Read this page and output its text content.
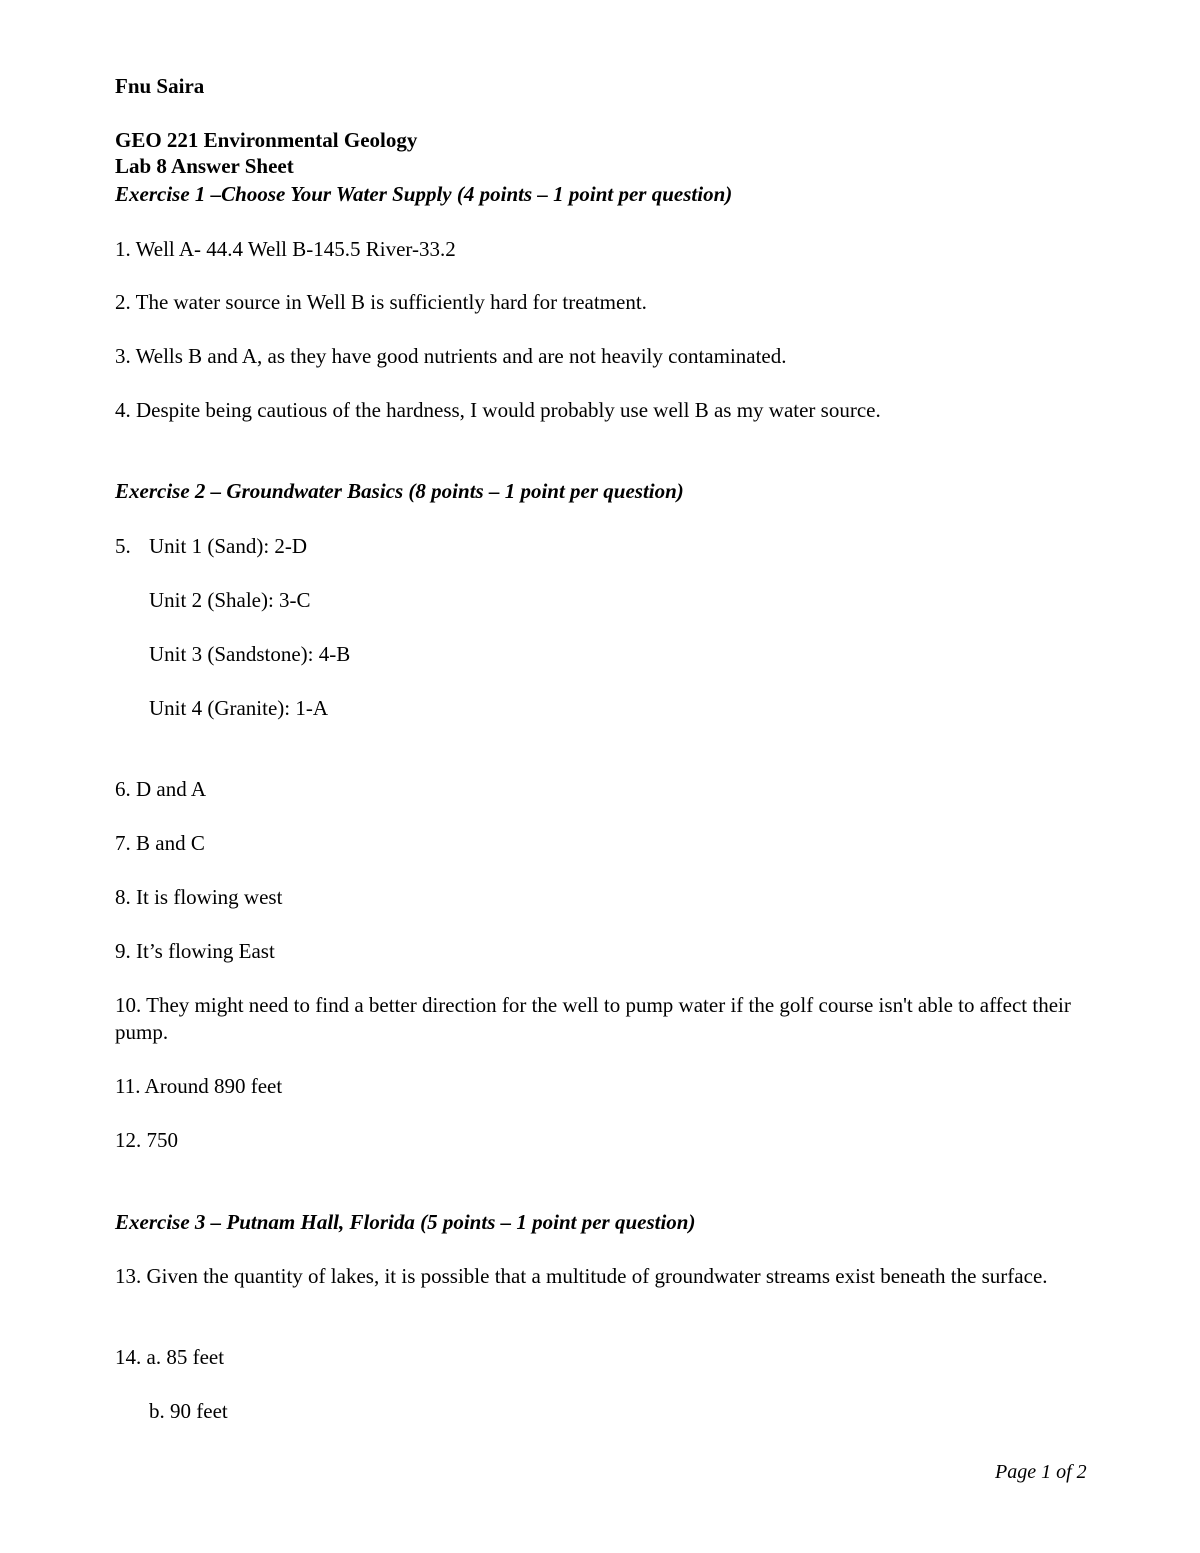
Fnu Saira

GEO 221 Environmental Geology

Lab 8 Answer Sheet

Exercise 1 –Choose Your Water Supply (4 points – 1 point per question)

1. Well A- 44.4 Well B-145.5 River-33.2

2. The water source in Well B is sufficiently hard for treatment.

3. Wells B and A, as they have good nutrients and are not heavily contaminated.

4. Despite being cautious of the hardness, I would probably use well B as my water source.

Exercise 2 – Groundwater Basics (8 points – 1 point per question)

5. Unit 1 (Sand): 2-D

Unit 2 (Shale): 3-C

Unit 3 (Sandstone): 4-B

Unit 4 (Granite): 1-A

6. D and A

7. B and C

8. It is flowing west

9. It’s flowing East

10. They might need to find a better direction for the well to pump water if the golf course isn't able to affect their pump.

11. Around 890 feet

12. 750

Exercise 3 – Putnam Hall, Florida (5 points – 1 point per question)

13. Given the quantity of lakes, it is possible that a multitude of groundwater streams exist beneath the surface.

14. a. 85 feet

b. 90 feet

Page 1 of 2
